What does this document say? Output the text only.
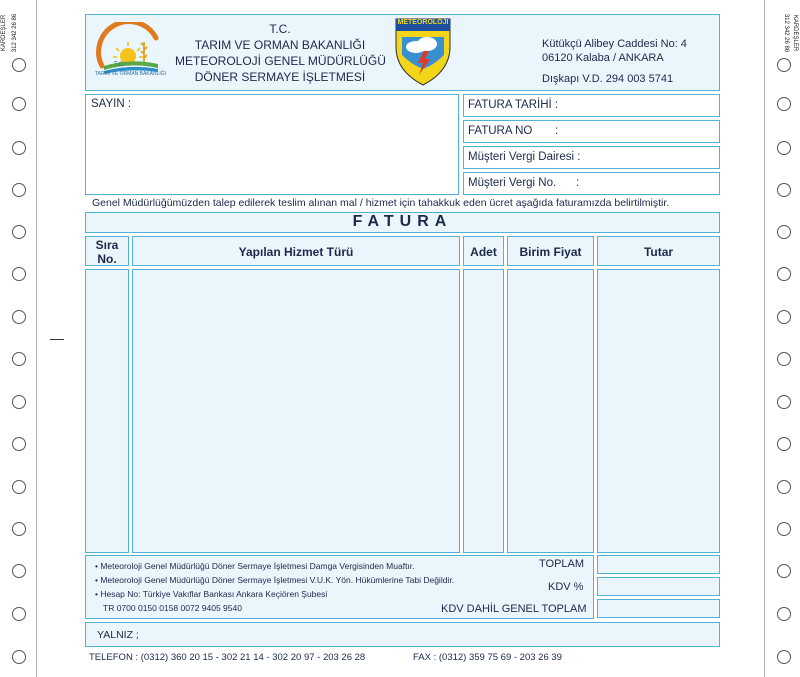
KARDEŞLER 312 342 26 86	312 342 26 86 KARDEŞLER
T.C.
TARIM VE ORMAN BAKANLIĞI
T.C.
TARIM VE ORMAN BAKANLIĞI
METEOROLOJİ GENEL MÜDÜRLÜĞÜ
DÖNER SERMAYE İŞLETMESİ
METEOROLOJİ
Kütükçü Alibey Caddesi No: 4
06120 Kalaba / ANKARA
Dışkapı V.D. 294 003 5741
SAYIN :	FATURA TARİHİ :
FATURA NO :
Müşteri Vergi Dairesi :
Müşteri Vergi No. :
Genel Müdürlüğümüzden talep edilerek teslim alınan mal / hizmet için tahakkuk eden ücret aşağıda faturamızda belirtilmiştir.
FATURA
Sıra
No.	Yapılan Hizmet Türü	Adet	Birim Fiyat	Tutar
• Meteoroloji Genel Müdürlüğü Döner Sermaye İşletmesi Damga Vergisinden Muaftır.
• Meteoroloji Genel Müdürlüğü Döner Sermaye İşletmesi V.U.K. Yön. Hükümlerine Tabi Değildir.
• Hesap No: Türkiye Vakıflar Bankası Ankara Keçiören Şubesi
TR 0700 0150 0158 0072 9405 9540
TOPLAM
KDV %
KDV DAHİL GENEL TOPLAM
YALNIZ ;
TELEFON : (0312) 360 20 15 - 302 21 14 - 302 20 97 - 203 26 28	FAX : (0312) 359 75 69 - 203 26 39
